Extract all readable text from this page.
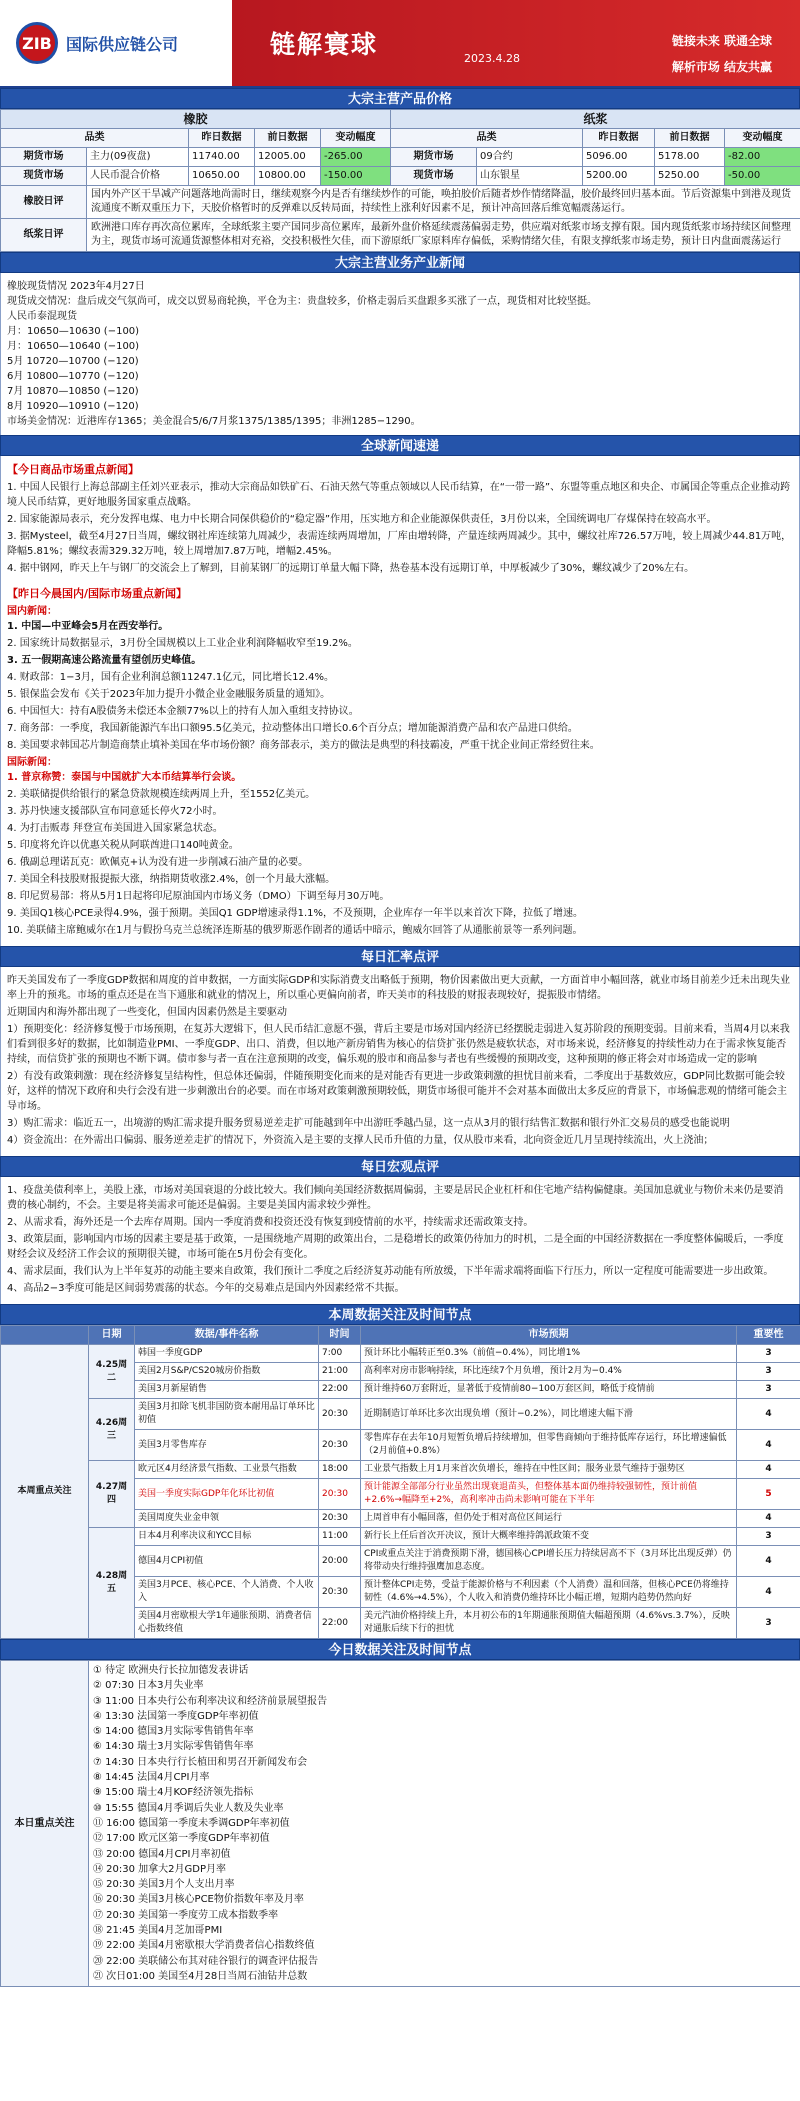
ZIB 国际供应链公司	链解寰球	2023.4.28
链接未来 联通全球
解析市场 结友共赢
大宗主营产品价格
橡胶					纸浆				
品类		昨日数据	前日数据	变动幅度	品类		昨日数据	前日数据	变动幅度
期货市场	主力(09夜盘)	11740.00	12005.00	-265.00	期货市场	09合约	5096.00	5178.00	-82.00
现货市场	人民币混合价格	10650.00	10800.00	-150.00	现货市场	山东银星	5200.00	5250.00	-50.00
橡胶日评	国内外产区干旱减产问题落地尚需时日，继续观察今内是否有继续炒作的可能，唤拍胶价后随者炒作情绪降温，胶价最终回归基本面。节后资源集中到港及现货流通度不断双重压力下，天胶价格暂时的反弹难以反转局面，持续性上涨利好因素不足，预计冲高回落后维宽幅震荡运行。								
纸浆日评	欧洲港口库存再次高位累库，全球纸浆主要产国同步高位累库，最新外盘价格延续震荡偏弱走势，供应端对纸浆市场支撑有限。国内现货纸浆市场持续区间整理为主，现货市场可流通货源整体相对充裕，交投积极性欠佳，而下游原纸厂家原料库存偏低，采购情绪欠佳，有限支撑纸浆市场走势，预计日内盘面震荡运行								
大宗主营业务产业新闻
橡胶现货情况 2023年4月27日
现货成交情况：盘后成交气氛尚可，成交以贸易商轮换，平仓为主：贵盘较多，价格走弱后买盘跟多买涨了一点，现货相对比较坚挺。
人民币泰混现货
月：10650—10630 (−100)
月：10650—10640 (−100)
5月 10720—10700 (−120)
6月 10800—10770 (−120)
7月 10870—10850 (−120)
8月 10920—10910 (−120)
市场美金情况：近港库存1365；美金混合5/6/7月浆1375/1385/1395；非洲1285−1290。
全球新闻速递
【今日商品市场重点新闻】
1. 中国人民银行上海总部副主任刘兴亚表示，推动大宗商品如铁矿石、石油天然气等重点领域以人民币结算，在“一带一路”、东盟等重点地区和央企、市属国企等重点企业推动跨境人民币结算，更好地服务国家重点战略。
2. 国家能源局表示，充分发挥电煤、电力中长期合同保供稳价的“稳定器”作用，压实地方和企业能源保供责任，3月份以来，全国统调电厂存煤保持在较高水平。
3. 据Mysteel，截至4月27日当周，螺纹钢社库连续第九周减少，表需连续两周增加，厂库由增转降，产量连续两周减少。其中，螺纹社库726.57万吨，较上周减少44.81万吨，降幅5.81%；螺纹表需329.32万吨，较上周增加7.87万吨，增幅2.45%。
4. 据中钢网，昨天上午与钢厂的交流会上了解到，目前某钢厂的远期订单量大幅下降，热卷基本没有远期订单，中厚板减少了30%，螺纹减少了20%左右。
【昨日今晨国内/国际市场重点新闻】
国内新闻：
1. 中国—中亚峰会5月在西安举行。
2. 国家统计局数据显示，3月份全国规模以上工业企业利润降幅收窄至19.2%。
3. 五一假期高速公路流量有望创历史峰值。
4. 财政部：1−3月，国有企业利润总额11247.1亿元，同比增长12.4%。
5. 银保监会发布《关于2023年加力提升小微企业金融服务质量的通知》。
6. 中国恒大：持有A股债务未偿还本金额77%以上的持有人加入重组支持协议。
7. 商务部：一季度，我国新能源汽车出口额95.5亿美元，拉动整体出口增长0.6个百分点；增加能源消费产品和农产品进口供给。
8. 美国要求韩国芯片制造商禁止填补美国在华市场份额？商务部表示，美方的做法是典型的科技霸凌，严重干扰企业间正常经贸往来。
国际新闻：
1. 普京称赞：泰国与中国就扩大本币结算举行会谈。
2. 美联储提供给银行的紧急贷款规模连续两周上升，至1552亿美元。
3. 苏丹快速支援部队宣布同意延长停火72小时。
4. 为打击贩毒 拜登宣布美国进入国家紧急状态。
5. 印度将允许以优惠关税从阿联酋进口140吨黄金。
6. 俄副总理诺瓦克：欧佩克+认为没有进一步削减石油产量的必要。
7. 美国全科技股财报提振大涨，纳指期货收涨2.4%，创一个月最大涨幅。
8. 印尼贸易部：将从5月1日起将印尼原油国内市场义务（DMO）下调至每月30万吨。
9. 美国Q1核心PCE录得4.9%，强于预期。美国Q1 GDP增速录得1.1%，不及预期，企业库存一年半以来首次下降，拉低了增速。
10. 美联储主席鲍威尔在1月与假扮乌克兰总统泽连斯基的俄罗斯恶作剧者的通话中暗示，鲍威尔回答了从通胀前景等一系列问题。
每日汇率点评
昨天美国发布了一季度GDP数据和周度的首申数据，一方面实际GDP和实际消费支出略低于预期，物价因素做出更大贡献，一方面首申小幅回落，就业市场目前差少迁未出现失业率上升的预兆。市场的重点还是在当下通胀和就业的情况上，所以重心更偏向前者，昨天美市的科技股的财报表现较好，提振股市情绪。
近期国内和海外都出现了一些变化，但国内因素仍然是主要驱动
1）预期变化：经济修复慢于市场预期，在复苏大逻辑下，但人民币结汇意愿不强，背后主要是市场对国内经济已经摆脱走弱进入复苏阶段的预期变弱。目前来看，当周4月以来我们看到很多好的数据，比如制造业PMI、一季度GDP、出口、消费，但以地产新房销售为核心的信贷扩张仍然是疲软状态，对市场来说，经济修复的持续性动力在于需求恢复能否持续，而信贷扩张的预期也不断下调。债市参与者一直在注意预期的改变，偏乐观的股市和商品参与者也有些缓慢的预期改变，这种预期的修正将会对市场造成一定的影响
2）有没有政策刺激：现在经济修复呈结构性，但总体还偏弱，伴随预期变化而来的是对能否有更进一步政策刺激的担忧目前来看，二季度出于基数效应，GDP同比数据可能会较好，这样的情况下政府和央行会没有进一步刺激出台的必要。而在市场对政策刺激预期较低，期货市场很可能并不会对基本面做出太多反应的背景下，市场偏悲观的情绪可能会主导市场。
3）购汇需求：临近五一，出境游的购汇需求提升服务贸易逆差走扩可能越到年中出游旺季越凸显，这一点从3月的银行结售汇数据和银行外汇交易员的感受也能说明
4）资金流出：在外需出口偏弱、服务逆差走扩的情况下，外资流入是主要的支撑人民币升值的力量，仅从股市来看，北向资金近几月呈现持续流出，火上浇油；
每日宏观点评
1、疫盘美债利率上，美股上涨，市场对美国衰退的分歧比较大。我们倾向美国经济数据周偏弱，主要是居民企业杠杆和住宅地产结构偏健康。美国加息就业与物价未来仍是要消费的核心制约，不会。主要是将美需求可能还是偏弱。主要是美国内需求较少弹性。
2、从需求看，海外还是一个去库存周期。国内一季度消费和投资还没有恢复到疫情前的水平，持续需求还需政策支持。
3、政策层面，影响国内市场的因素主要是基于政策，一是围绕地产周期的政策出台，二是稳增长的政策仍待加力的时机，二是全面的中国经济数据在一季度整体偏暖后，一季度财经会议及经济工作会议的预期很关键，市场可能在5月份会有变化。
4、需求层面，我们认为上半年复苏的动能主要来自政策，我们预计二季度之后经济复苏动能有所放缓，下半年需求端将面临下行压力，所以一定程度可能需要进一步出政策。
4、高品2−3季度可能是区间弱势震荡的状态。今年的交易难点是国内外因素经常不共振。
本周数据关注及时间节点
	日期	数据/事件名称	时间	市场预期	重要性
本周重点关注	4.25周二	韩国一季度GDP	7:00	预计环比小幅转正至0.3%（前值−0.4%），同比增1%	3
		美国2月S&P/CS20城房价指数	21:00	高利率对房市影响持续，环比连续7个月负增，预计2月为−0.4%	3
		美国3月新屋销售	22:00	预计维持60万套附近，显著低于疫情前80−100万套区间，略低于疫情前	3
	4.26周三	美国3月扣除飞机非国防资本耐用品订单环比初值	20:30	近期制造订单环比多次出现负增（预计−0.2%），同比增速大幅下滑	4
		美国3月零售库存	20:30	零售库存在去年10月短暂负增后持续增加，但零售商倾向于维持低库存运行，环比增速偏低（2月前值+0.8%）	4
	4.27周四	欧元区4月经济景气指数、工业景气指数	18:00	工业景气指数上月1月来首次负增长，维持在中性区间；服务业景气维持于强势区	4
		美国一季度实际GDP年化环比初值	20:30	预计能源全部部分行业虽然出现衰退苗头，但整体基本面仍维持较强韧性，预计前值+2.6%→幅降至+2%，高利率冲击尚未影响可能在下半年	5
		美国周度失业金申领	20:30	上周首申有小幅回落，但仍处于相对高位区间运行	4
	4.28周五	日本4月利率决议和YCC目标	11:00	新行长上任后首次开决议，预计大概率维持鸽派政策不变	3
		德国4月CPI初值	20:00	CPI或重点关注于消费预期下滑，德国核心CPI增长压力持续居高不下（3月环比出现反弹）仍将带动央行维持强鹰加息态度。	4
		美国3月PCE、核心PCE、个人消费、个人收入	20:30	预计整体CPI走势，受益于能源价格与不利因素（个人消费）温和回落，但核心PCE仍将维持韧性（4.6%→4.5%），个人收入和消费仍维持环比小幅正增，短期内趋势仍然向好	4
		美国4月密歇根大学1年通胀预期、消费者信心指数终值	22:00	美元汽油价格持续上升，本月初公布的1年期通胀预期值大幅超预期（4.6%vs.3.7%），反映对通胀后续下行的担忧	3
今日数据关注及时间节点
本日重点关注	
① 待定 欧洲央行长拉加德发表讲话
② 07:30 日本3月失业率
③ 11:00 日本央行公布利率决议和经济前景展望报告
④ 13:30 法国第一季度GDP年率初值
⑤ 14:00 德国3月实际零售销售年率
⑥ 14:30 瑞士3月实际零售销售年率
⑦ 14:30 日本央行行长植田和男召开新闻发布会
⑧ 14:45 法国4月CPI月率
⑨ 15:00 瑞士4月KOF经济领先指标
⑩ 15:55 德国4月季调后失业人数及失业率
⑪ 16:00 德国第一季度未季调GDP年率初值
⑫ 17:00 欧元区第一季度GDP年率初值
⑬ 20:00 德国4月CPI月率初值
⑭ 20:30 加拿大2月GDP月率
⑮ 20:30 美国3月个人支出月率
⑯ 20:30 美国3月核心PCE物价指数年率及月率
⑰ 20:30 美国第一季度劳工成本指数季率
⑱ 21:45 美国4月芝加哥PMI
⑲ 22:00 美国4月密歇根大学消费者信心指数终值
⑳ 22:00 美联储公布其对硅谷银行的调查评估报告
㉑ 次日01:00 美国至4月28日当周石油钻井总数
